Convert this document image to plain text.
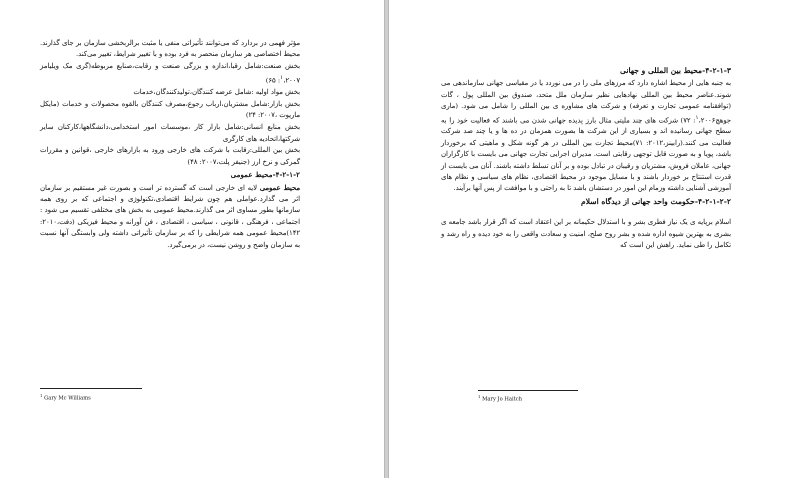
مؤثر فهمی در بردارد که می‌توانند تأثیراتی منفی یا مثبت برالربخشی سازمان بر جای گذارند. محیط اختصاصی هر سازمان منحصر به فرد بوده و با تغییر شرایط، تغییر می‌کند.

بخش صنعت:شامل رقبا،اندازه و بزرگی صنعت و رقابت،صنایع مربوطه(گری مک ویلیامز $^۱$،۲۰۰۷: ۶۵)

بخش مواد اولیه :شامل عرضه کنندگان،تولیدکنندگان،خدمات

بخش بازار:شامل مشتریان،ارباب رجوع،مصرف کنندگان بالقوه محصولات و خدمات (مایکل ماریوت ،۲۰۰۷: ۲۴)

بخش منابع انسانی:شامل بازار کار ،موسسات امور استخدامی،دانشگاهها،کارکنان سایر شرکتها،اتحادیه های کارگری

بخش بین المللی:رقابت با شرکت های خارجی ورود به بازارهای خارجی ،قوانین و مقررات گمرکی و نرخ ارز (جنیفر پلت،۲۰۰۷: ۴۸)

۴-۲-۱-۲-محیط عمومی

محیط عمومی لایه ای خارجی است که گسترده تر است و بصورت غیر مستقیم بر سازمان اثر می گذارد.عواملی هم چون شرایط اقتصادی،تکنولوژی و اجتماعی که بر روی همه سازمانها بطور مساوی اثر می گذارند.محیط عمومی به بخش های مختلفی تقسیم می شود : اجتماعی ، فرهنگی ، قانونی ، سیاسی ، اقتصادی ، فن آورانه و محیط فیزیکی (دفت،۲۰۱۰: ۱۴۲)محیط عمومی همه شرایطی را که بر سازمان تأثیراتی داشته ولی وابستگی آنها نسبت به سازمان واضح و روشن نیست، در برمی‌گیرد.

$^1$ Gary Mc Williams

۴-۲-۱-۳-محیط بین المللی و جهانی

به جنبه هایی از محیط اشاره دارد که مرزهای ملی را در می نوردد یا در مقیاسی جهانی سازماندهی می شوند.عناصر محیط بین المللی نهادهایی نظیر سازمان ملل متحد، صندوق بین المللی پول ، گات (توافقنامه عمومی تجارت و تعرفه) و شرکت های مشاوره ی بین المللی را شامل می شود. (ماری جوهچ$^۱$،۲۰۰۶: ۷۲) شرکت های چند ملیتی مثال بارز پدیده جهانی شدن می باشند که فعالیت خود را به سطح جهانی رسانیده اند و بسیاری از این شرکت ها بصورت همزمان در ده ها و یا چند صد شرکت فعالیت می کنند.(رابینز،۲۰۱۲: ۷۱)محیط تجارت بین المللی در هر گونه شکل و ماهیتی که برخوردار باشد، پویا و به صورت قابل توجهی رقابتی است. مدیران اجرایی تجارت جهانی می بایست با کارگزاران جهانی، عاملان فروش، مشتریان و رقیبان در تبادل بوده و بر آنان تسلط داشته باشند. آنان می بایست از قدرت استنتاج بر خوردار باشند و با مسایل موجود در محیط اقتصادی، نظام های سیاسی و نظام های آموزشی آشنایی داشته وزمام این امور در دستشان باشد تا به راحتی و با موافقت از پس آنها برآیند.

۴-۲-۱-۲-۲-حکومت واحد جهانی از دیدگاه اسلام

اسلام برپایه ی یک نیاز فطری بشر و با استدلال حکیمانه بر این اعتقاد است که اگر قرار باشد جامعه ی بشری به بهترین شیوه اداره شده و بشر روح صلح، امنیت و سعادت واقعی را به خود دیده و راه رشد و تکامل را طی نماید. راهش این است که

$^1$ Mary Jo Haitch
